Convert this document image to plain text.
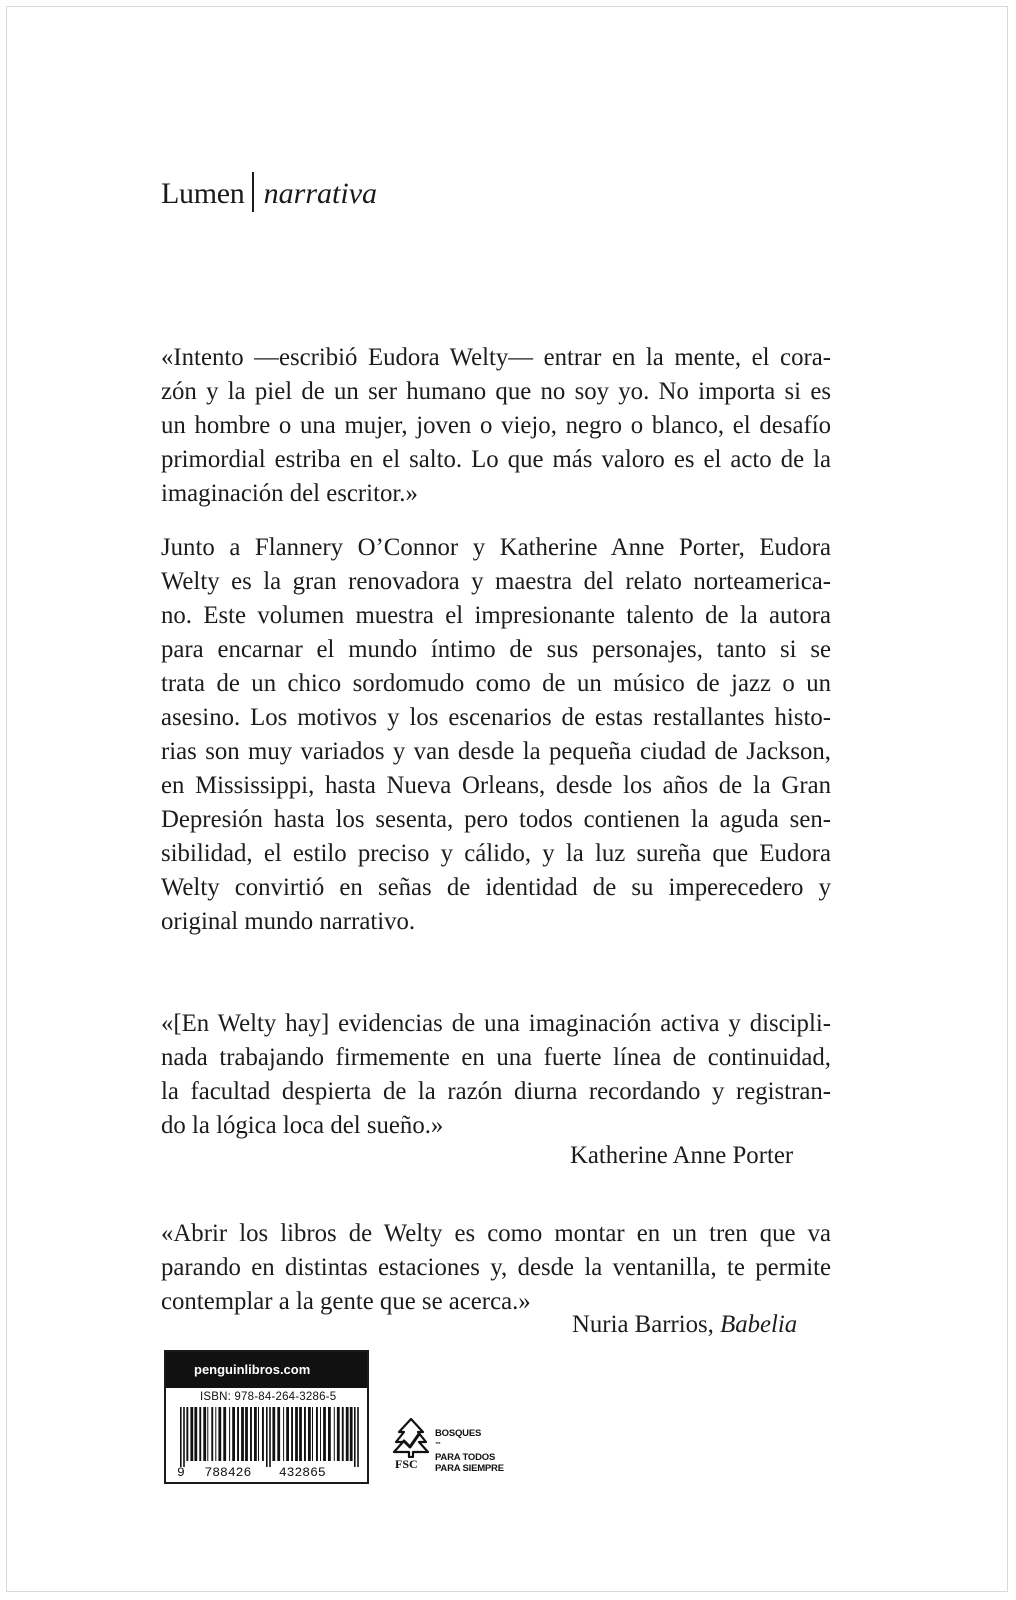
Lumen narrativa
«Intento —escribió Eudora Welty— entrar en la mente, el cora-
zón y la piel de un ser humano que no soy yo. No importa si es
un hombre o una mujer, joven o viejo, negro o blanco, el desafío
primordial estriba en el salto. Lo que más valoro es el acto de la
imaginación del escritor.»
Junto a Flannery O’Connor y Katherine Anne Porter, Eudora
Welty es la gran renovadora y maestra del relato norteamerica-
no. Este volumen muestra el impresionante talento de la autora
para encarnar el mundo íntimo de sus personajes, tanto si se
trata de un chico sordomudo como de un músico de jazz o un
asesino. Los motivos y los escenarios de estas restallantes histo-
rias son muy variados y van desde la pequeña ciudad de Jackson,
en Mississippi, hasta Nueva Orleans, desde los años de la Gran
Depresión hasta los sesenta, pero todos contienen la aguda sen-
sibilidad, el estilo preciso y cálido, y la luz sureña que Eudora
Welty convirtió en señas de identidad de su imperecedero y
original mundo narrativo.
«[En Welty hay] evidencias de una imaginación activa y discipli-
nada trabajando firmemente en una fuerte línea de continuidad,
la facultad despierta de la razón diurna recordando y registran-
do la lógica loca del sueño.»
Katherine Anne Porter
«Abrir los libros de Welty es como montar en un tren que va
parando en distintas estaciones y, desde la ventanilla, te permite
contemplar a la gente que se acerca.»
Nuria Barrios, Babelia
penguinlibros.com
ISBN: 978-84-264-3286-5
9 788426 432865
FSC
BOSQUES
™
PARA TODOS
PARA SIEMPRE
